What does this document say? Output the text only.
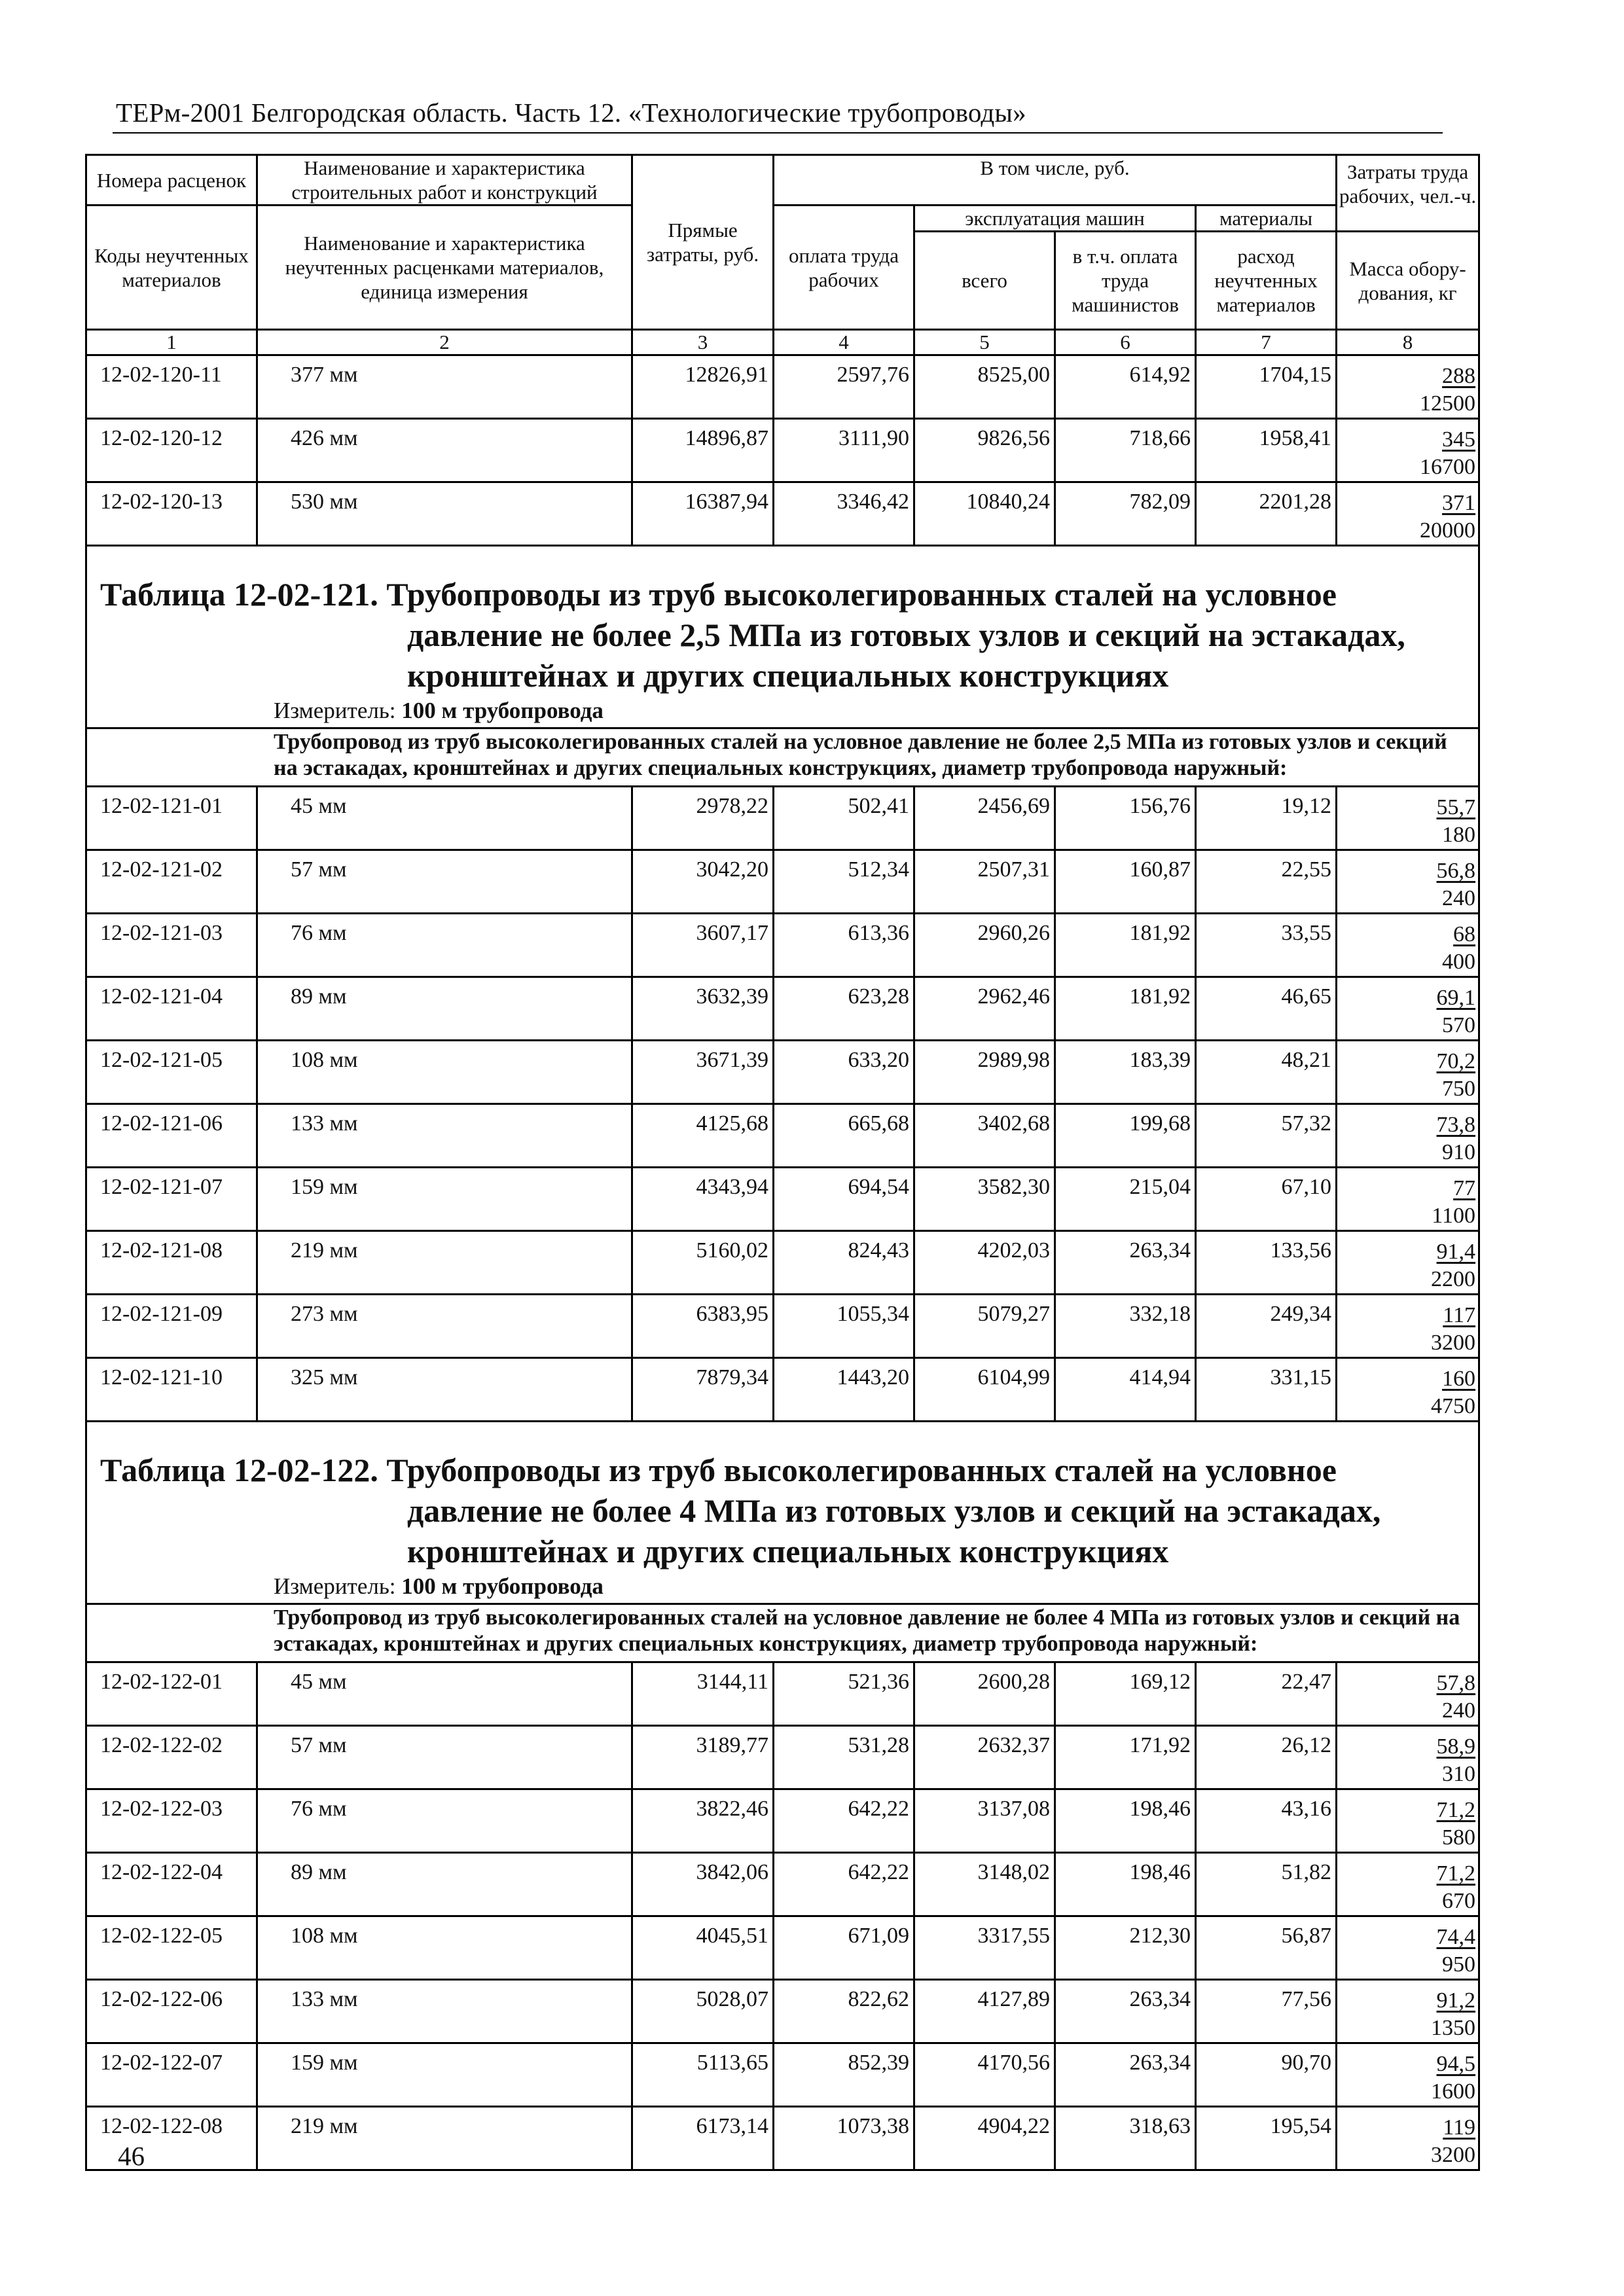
ТЕРм-2001 Белгородская область. Часть 12. «Технологические трубопроводы»
Номера расценок	Наименование и характеристика строительных работ и конструкций	Прямые затраты, руб.	В том числе, руб.				Затраты труда рабочих, чел.-ч.
Коды неучтенных материалов	Наименование и характеристика неучтенных расценками материалов, единица измерения		оплата труда рабочих	эксплуатация машин		материалы	
				всего	в т.ч. оплата труда машинистов	расход неучтенных материалов	Масса обору-дования, кг
1	2	3	4	5	6	7	8
12-02-120-11	377 мм	12826,91	2597,76	8525,00	614,92	1704,15	288
12500

12-02-120-12	426 мм	14896,87	3111,90	9826,56	718,66	1958,41	345
16700

12-02-120-13	530 мм	16387,94	3346,42	10840,24	782,09	2201,28	371
20000

Таблица 12-02-121. Трубопроводы из труб высоколегированных сталей на условное
давление не более 2,5 МПа из готовых узлов и секций на эстакадах,
кронштейнах и других специальных конструкциях
Измеритель: 100 м трубопровода							

Трубопровод из труб высоколегированных сталей на условное давление не более 2,5 МПа из готовых узлов и секций на эстакадах, кронштейнах и других специальных конструкциях, диаметр трубопровода наружный:							

12-02-121-01	45 мм	2978,22	502,41	2456,69	156,76	19,12	55,7
180

12-02-121-02	57 мм	3042,20	512,34	2507,31	160,87	22,55	56,8
240

12-02-121-03	76 мм	3607,17	613,36	2960,26	181,92	33,55	68
400

12-02-121-04	89 мм	3632,39	623,28	2962,46	181,92	46,65	69,1
570

12-02-121-05	108 мм	3671,39	633,20	2989,98	183,39	48,21	70,2
750

12-02-121-06	133 мм	4125,68	665,68	3402,68	199,68	57,32	73,8
910

12-02-121-07	159 мм	4343,94	694,54	3582,30	215,04	67,10	77
1100

12-02-121-08	219 мм	5160,02	824,43	4202,03	263,34	133,56	91,4
2200

12-02-121-09	273 мм	6383,95	1055,34	5079,27	332,18	249,34	117
3200

12-02-121-10	325 мм	7879,34	1443,20	6104,99	414,94	331,15	160
4750

Таблица 12-02-122. Трубопроводы из труб высоколегированных сталей на условное
давление не более 4 МПа из готовых узлов и секций на эстакадах,
кронштейнах и других специальных конструкциях
Измеритель: 100 м трубопровода							

Трубопровод из труб высоколегированных сталей на условное давление не более 4 МПа из готовых узлов и секций на эстакадах, кронштейнах и других специальных конструкциях, диаметр трубопровода наружный:							

12-02-122-01	45 мм	3144,11	521,36	2600,28	169,12	22,47	57,8
240

12-02-122-02	57 мм	3189,77	531,28	2632,37	171,92	26,12	58,9
310

12-02-122-03	76 мм	3822,46	642,22	3137,08	198,46	43,16	71,2
580

12-02-122-04	89 мм	3842,06	642,22	3148,02	198,46	51,82	71,2
670

12-02-122-05	108 мм	4045,51	671,09	3317,55	212,30	56,87	74,4
950

12-02-122-06	133 мм	5028,07	822,62	4127,89	263,34	77,56	91,2
1350

12-02-122-07	159 мм	5113,65	852,39	4170,56	263,34	90,70	94,5
1600

12-02-122-08	219 мм	6173,14	1073,38	4904,22	318,63	195,54	119
3200
46
